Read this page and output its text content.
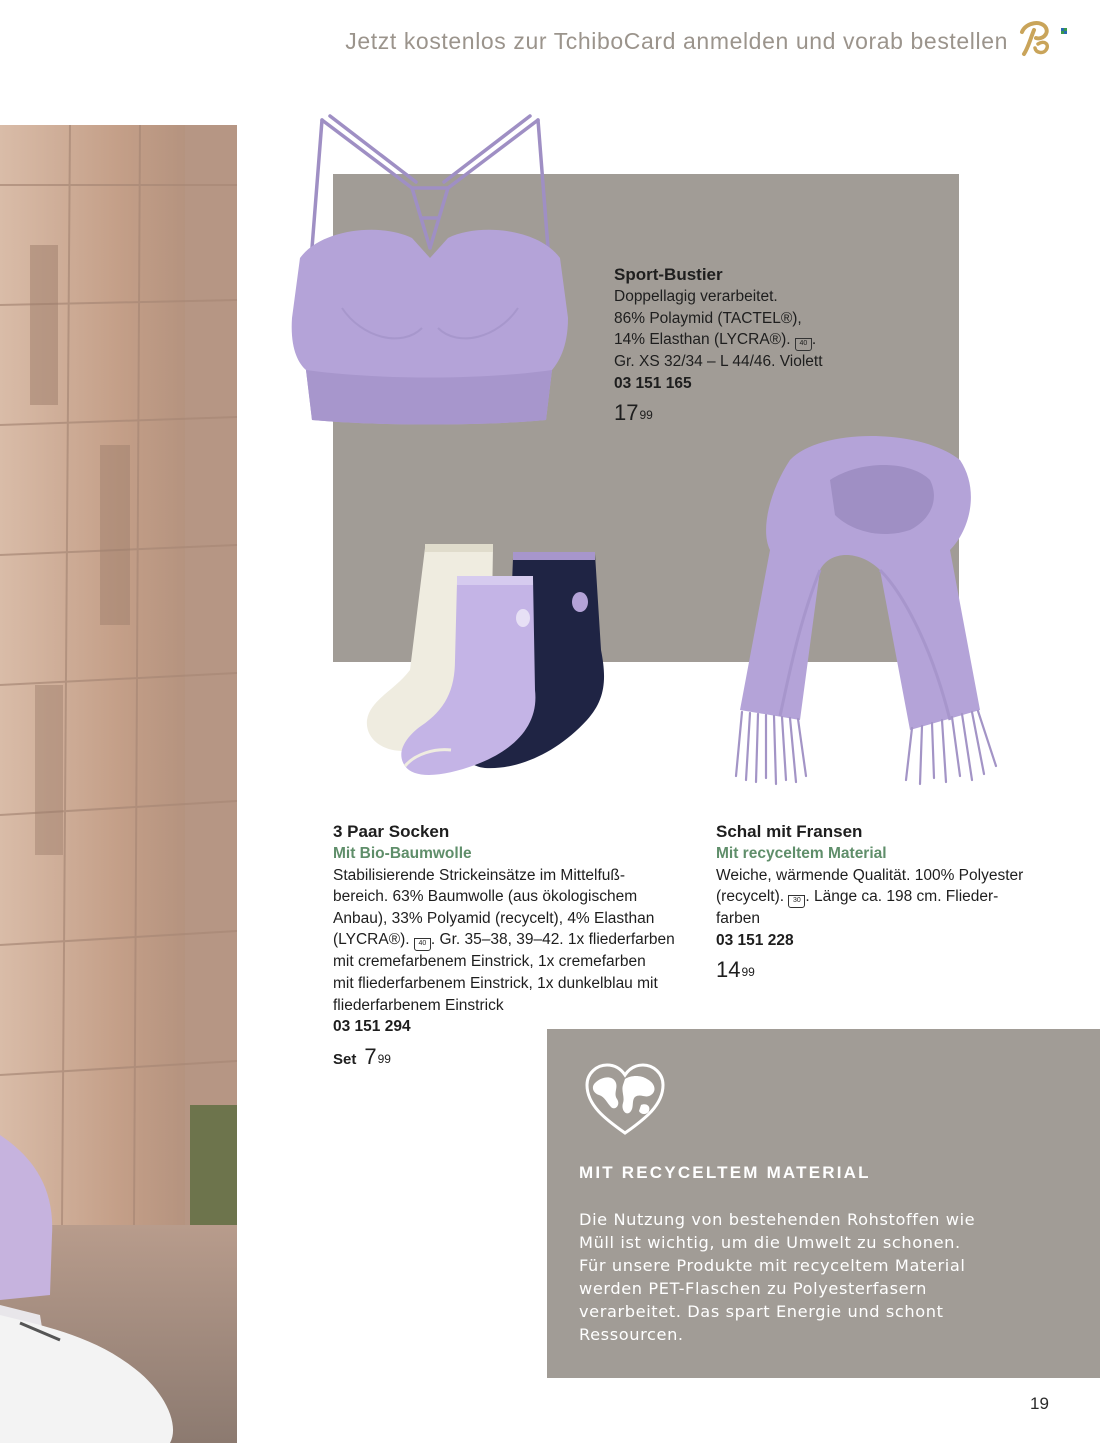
Jetzt kostenlos zur TchiboCard anmelden und vorab bestellen
Sport-Bustier
Doppellagig verarbeitet.
86% Polaymid (TACTEL®),
14% Elasthan (LYCRA®). 40 .
Gr. XS 32/34 – L 44/46. Violett
03 151 165
$17^{99}$
3 Paar Socken
Mit Bio-Baumwolle
Stabilisierende Strickeinsätze im Mittelfuß-
bereich. 63% Baumwolle (aus ökologischem
Anbau), 33% Polyamid (recycelt), 4% Elasthan
(LYCRA®). 40 . Gr. 35–38, 39–42. 1x fliederfarben
mit cremefarbenem Einstrick, 1x cremefarben
mit fliederfarbenem Einstrick, 1x dunkelblau mit
fliederfarbenem Einstrick
03 151 294
Set $7^{99}$
Schal mit Fransen
Mit recyceltem Material
Weiche, wärmende Qualität. 100% Polyester
(recycelt). 30 . Länge ca. 198 cm. Flieder-
farben
03 151 228
$14^{99}$
MIT RECYCELTEM MATERIAL
Die Nutzung von bestehenden Rohstoffen wie
Müll ist wichtig, um die Umwelt zu schonen.
Für unsere Produkte mit recyceltem Material
werden PET-Flaschen zu Polyesterfasern
verarbeitet. Das spart Energie und schont
Ressourcen.
19
